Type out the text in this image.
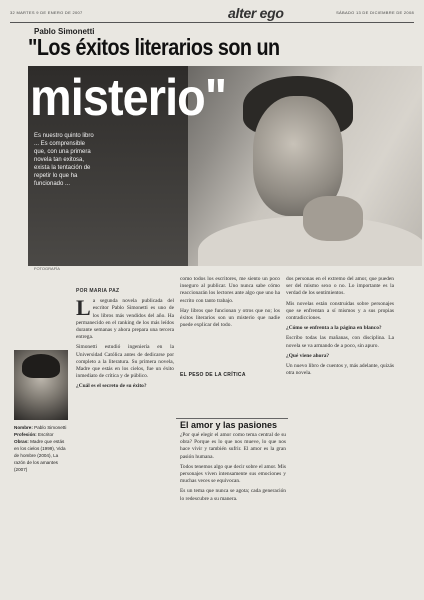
32 MARTES 9 DE ENERO DE 2007	alter ego	SÁBADO 13 DE DICIEMBRE DE 2008
Pablo Simonetti
"Los éxitos literarios son un
misterio"
Es nuestro quinto libro ... Es comprensible que, con una primera novela tan exitosa, exista la tentación de repetir lo que ha funcionado ...
FOTOGRAFÍA
Nombre: Pablo Simonetti
Profesión: Escritor
Obras: Madre que estás en los cielos (1999), Vida de hombre (2004), La razón de los amantes (2007)
POR MARÍA PAZ

La segunda novela publicada del escritor Pablo Simonetti es uno de los libros más vendidos del año. Ha permanecido en el ranking de los más leídos durante semanas y ahora prepara una tercera entrega.

Simonetti estudió ingeniería en la Universidad Católica antes de dedicarse por completo a la literatura. Su primera novela, Madre que estás en los cielos, fue un éxito inmediato de crítica y de público.

¿Cuál es el secreto de su éxito?

como todos los escritores, me siento un poco inseguro al publicar. Uno nunca sabe cómo reaccionarán los lectores ante algo que uno ha escrito con tanto trabajo.

Hay libros que funcionan y otros que no; los éxitos literarios son un misterio que nadie puede explicar del todo.

EL PESO DE LA CRÍTICA

dos personas en el extremo del amor, que pueden ser del mismo sexo o no. Lo importante es la verdad de los sentimientos.

Mis novelas están construidas sobre personajes que se enfrentan a sí mismos y a sus propias contradicciones.

¿Cómo se enfrenta a la página en blanco?

Escribo todas las mañanas, con disciplina. La novela se va armando de a poco, sin apuro.

¿Qué viene ahora?

Un nuevo libro de cuentos y, más adelante, quizás otra novela.

El amor y las pasiones

¿Por qué elegir el amor como tema central de su obra? Porque es lo que nos mueve, lo que nos hace vivir y también sufrir. El amor es la gran pasión humana.

Todos tenemos algo que decir sobre el amor. Mis personajes viven intensamente sus emociones y muchas veces se equivocan.

Es un tema que nunca se agota; cada generación lo redescubre a su manera.
